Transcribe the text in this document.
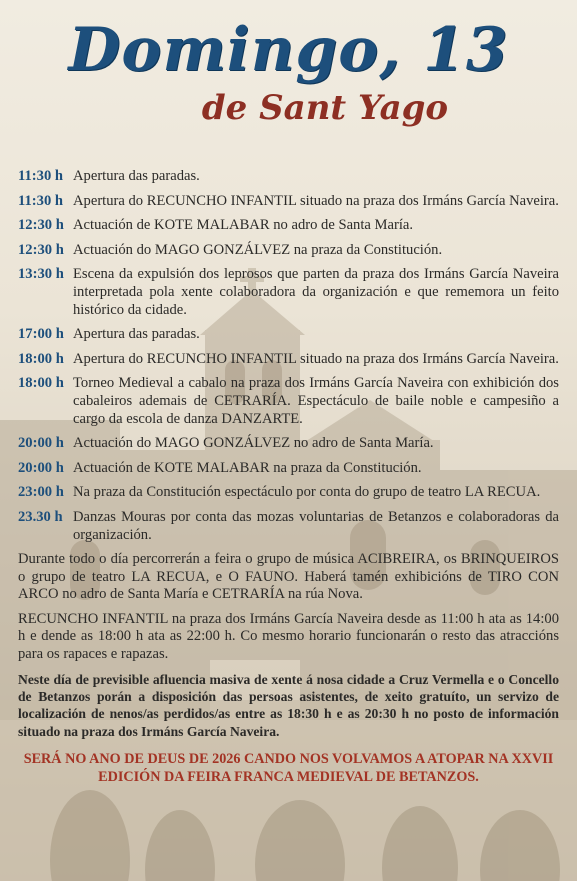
Domingo, 13
de Sant Yago
11:30 h Apertura das paradas.
11:30 h Apertura do RECUNCHO INFANTIL situado na praza dos Irmáns García Naveira.
12:30 h Actuación de KOTE MALABAR no adro de Santa María.
12:30 h Actuación do MAGO GONZÁLVEZ na praza da Constitución.
13:30 h Escena da expulsión dos leprosos que parten da praza dos Irmáns García Naveira interpretada pola xente colaboradora da organización e que rememora un feito histórico da cidade.
17:00 h Apertura das paradas.
18:00 h Apertura do RECUNCHO INFANTIL situado na praza dos Irmáns García Naveira.
18:00 h Torneo Medieval a cabalo na praza dos Irmáns García Naveira con exhibición dos cabaleiros ademais de CETRARÍA. Espectáculo de baile noble e campesiño a cargo da escola de danza DANZARTE.
20:00 h Actuación do MAGO GONZÁLVEZ no adro de Santa María.
20:00 h Actuación de KOTE MALABAR na praza da Constitución.
23:00 h Na praza da Constitución espectáculo por conta do grupo de teatro LA RECUA.
23.30 h Danzas Mouras por conta das mozas voluntarias de Betanzos e colaboradoras da organización.

Durante todo o día percorrerán a feira o grupo de música ACIBREIRA, os BRINQUEIROS o grupo de teatro LA RECUA, e O FAUNO. Haberá tamén exhibicións de TIRO CON ARCO no adro de Santa María e CETRARÍA na rúa Nova.

RECUNCHO INFANTIL na praza dos Irmáns García Naveira desde as 11:00 h ata as 14:00 h e dende as 18:00 h ata as 22:00 h. Co mesmo horario funcionarán o resto das atraccións para os rapaces e rapazas.

Neste día de previsible afluencia masiva de xente á nosa cidade a Cruz Vermella e o Concello de Betanzos porán a disposición das persoas asistentes, de xeito gratuíto, un servizo de localización de nenos/as perdidos/as entre as 18:30 h e as 20:30 h no posto de información situado na praza dos Irmáns García Naveira.

SERÁ NO ANO DE DEUS DE 2026 CANDO NOS VOLVAMOS A ATOPAR NA XXVII EDICIÓN DA FEIRA FRANCA MEDIEVAL DE BETANZOS.
